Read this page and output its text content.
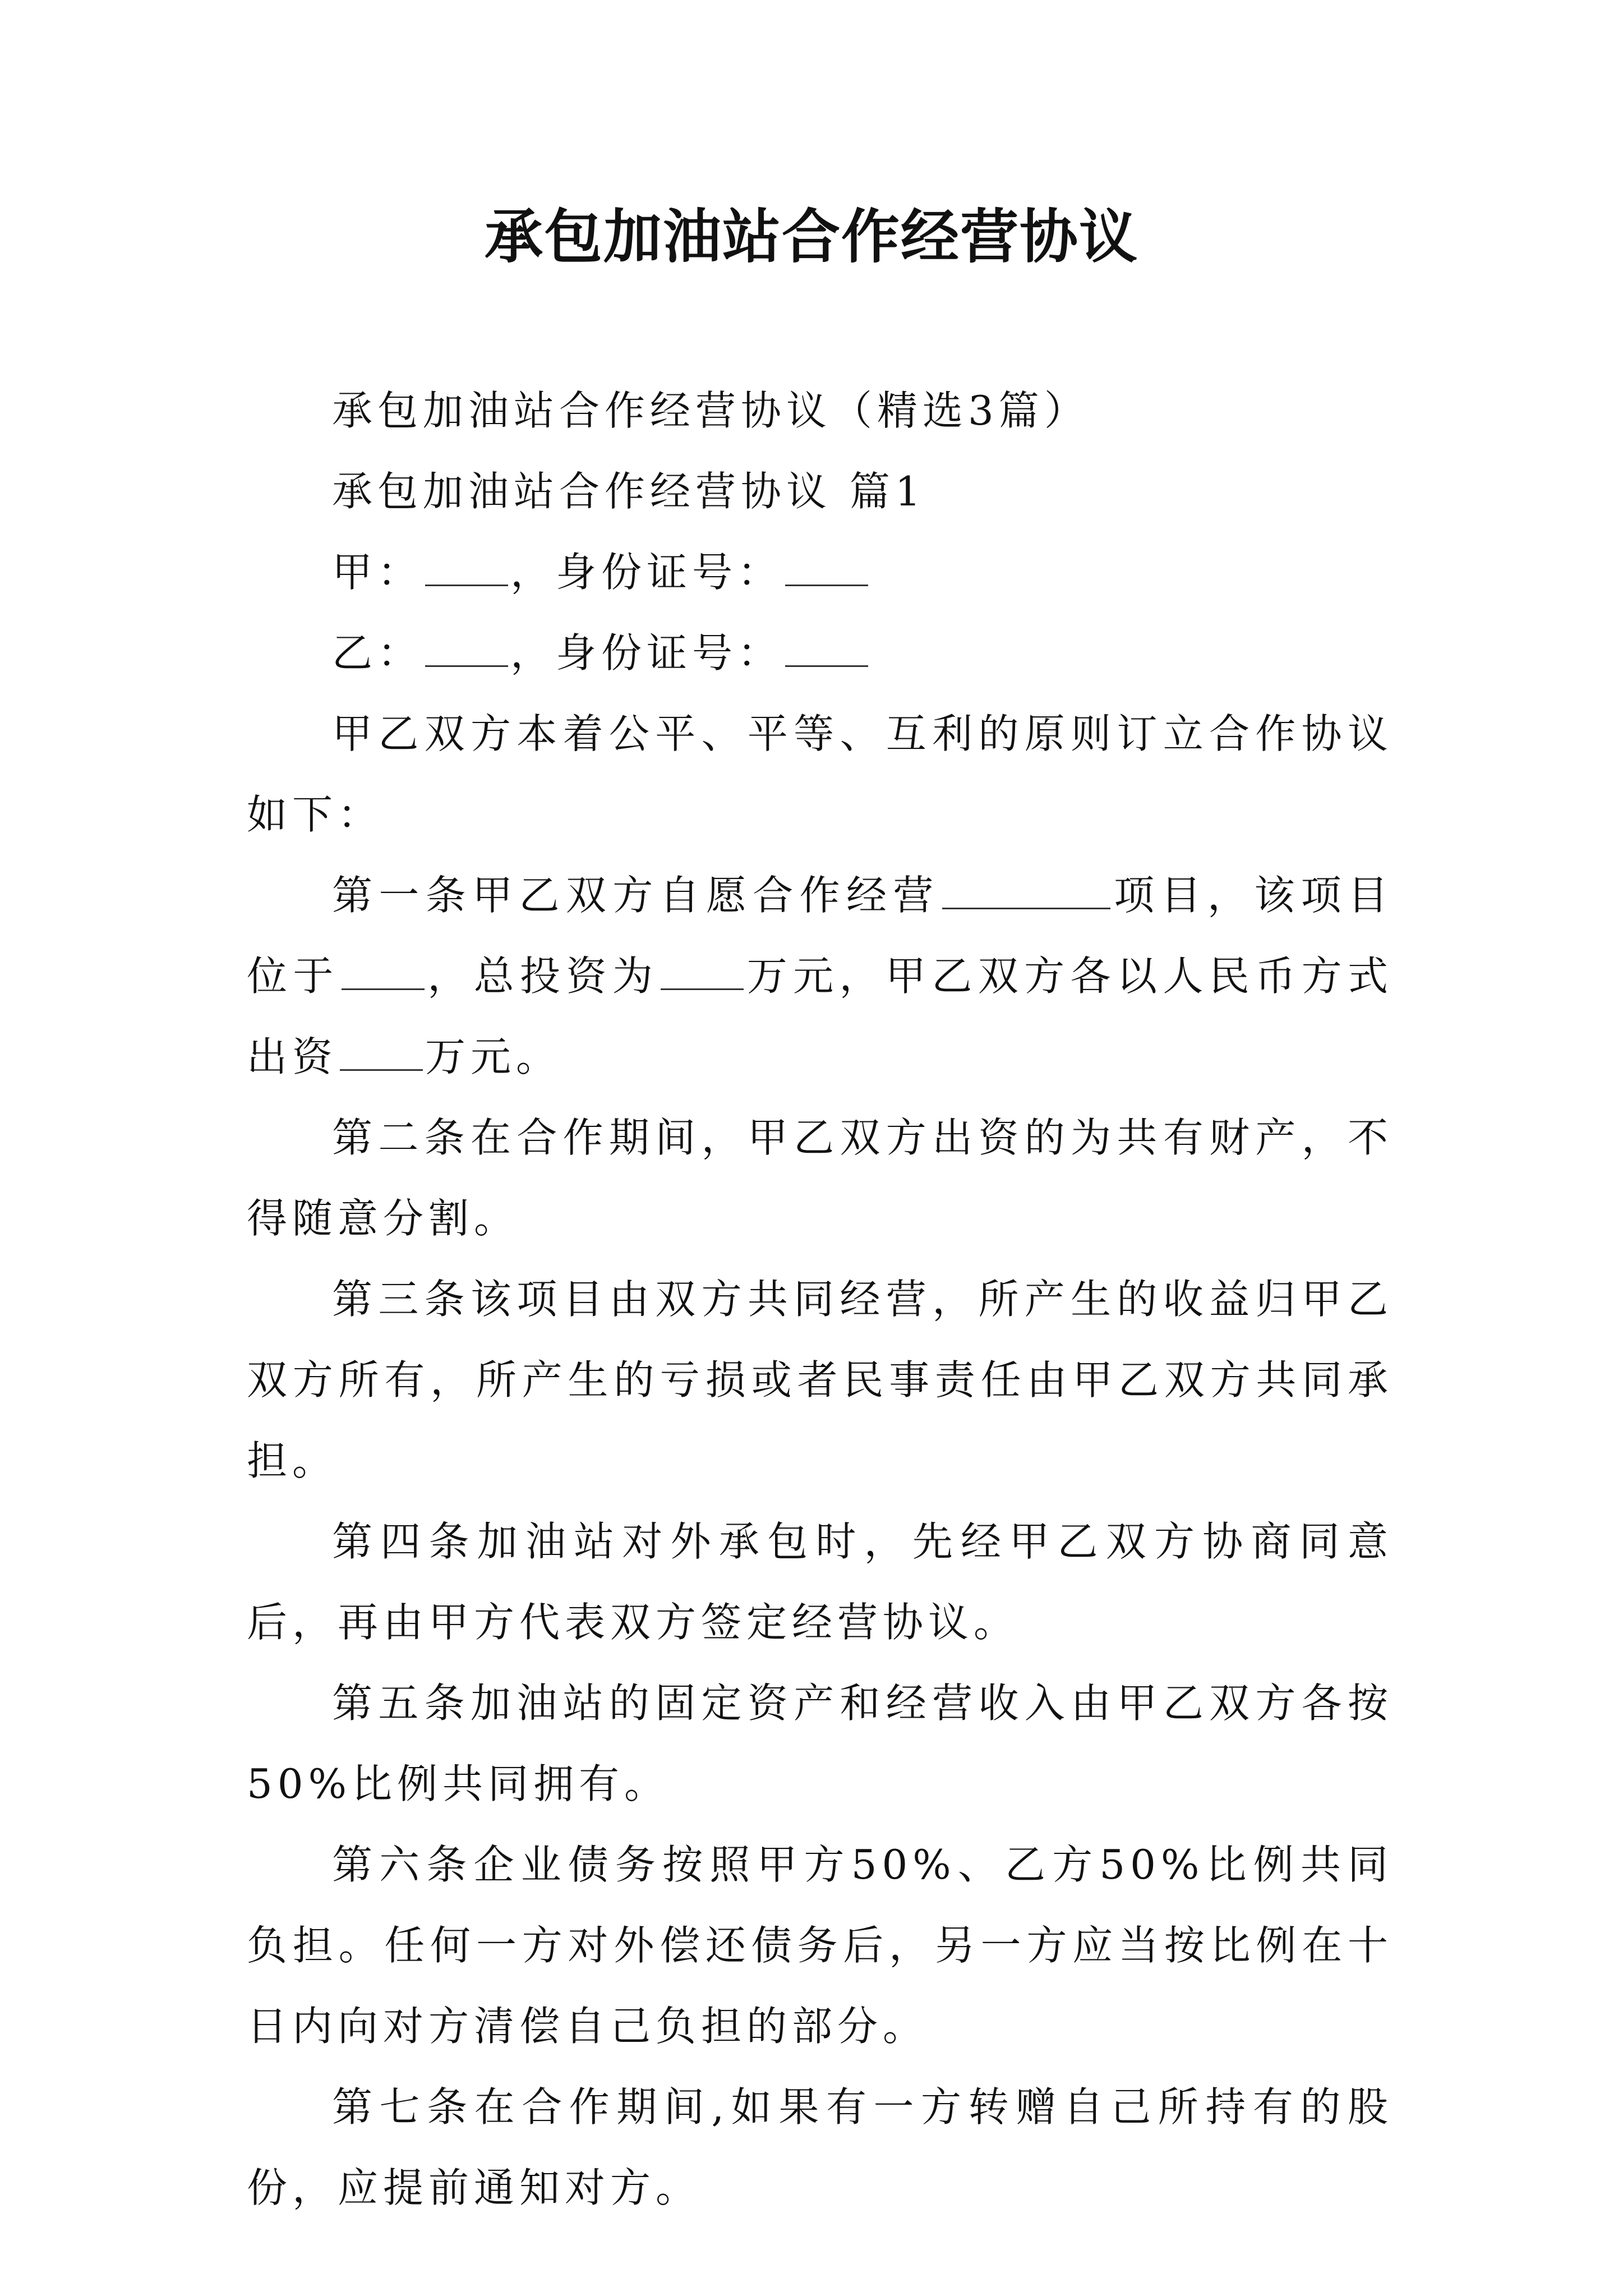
承包加油站合作经营协议

承包加油站合作经营协议（精选3篇）

承包加油站合作经营协议 篇1

甲： ，身份证号：

乙： ，身份证号：

甲乙双方本着公平、平等、互利的原则订立合作协议如下：

第一条甲乙双方自愿合作经营	项目，该项目位于 ，总投资为 万元，甲乙双方各以人民币方式出资 万元。

第二条在合作期间，甲乙双方出资的为共有财产，不得随意分割。

第三条该项目由双方共同经营，所产生的收益归甲乙双方所有，所产生的亏损或者民事责任由甲乙双方共同承担。

第四条加油站对外承包时，先经甲乙双方协商同意后，再由甲方代表双方签定经营协议。

第五条加油站的固定资产和经营收入由甲乙双方各按50%比例共同拥有。

第六条企业债务按照甲方50%、乙方50%比例共同负担。任何一方对外偿还债务后，另一方应当按比例在十日内向对方清偿自己负担的部分。

第七条在合作期间,如果有一方转赠自己所持有的股份，应提前通知对方。
